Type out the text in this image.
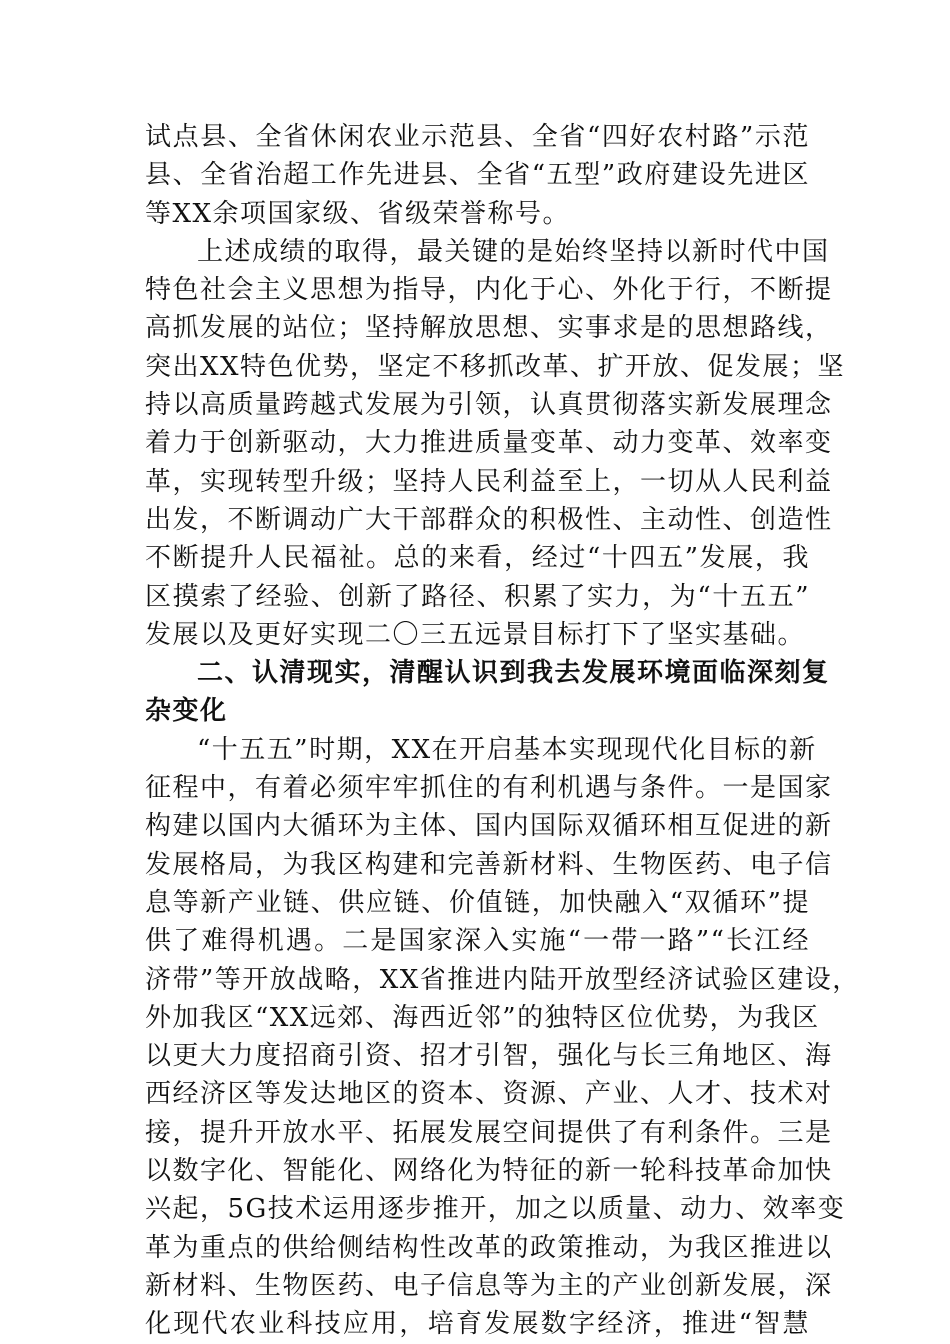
试点县、全省休闲农业示范县、全省“四好农村路”示范
县、全省治超工作先进县、全省“五型”政府建设先进区
等XX余项国家级、省级荣誉称号。
上述成绩的取得，最关键的是始终坚持以新时代中国
特色社会主义思想为指导，内化于心、外化于行，不断提
高抓发展的站位；坚持解放思想、实事求是的思想路线，
突出XX特色优势，坚定不移抓改革、扩开放、促发展；坚
持以高质量跨越式发展为引领，认真贯彻落实新发展理念
着力于创新驱动，大力推进质量变革、动力变革、效率变
革，实现转型升级；坚持人民利益至上，一切从人民利益
出发，不断调动广大干部群众的积极性、主动性、创造性
不断提升人民福祉。总的来看，经过“十四五”发展，我
区摸索了经验、创新了路径、积累了实力，为“十五五”
发展以及更好实现二〇三五远景目标打下了坚实基础。
二、认清现实，清醒认识到我去发展环境面临深刻复
杂变化
“十五五”时期，XX在开启基本实现现代化目标的新
征程中，有着必须牢牢抓住的有利机遇与条件。一是国家
构建以国内大循环为主体、国内国际双循环相互促进的新
发展格局，为我区构建和完善新材料、生物医药、电子信
息等新产业链、供应链、价值链，加快融入“双循环”提
供了难得机遇。二是国家深入实施“一带一路”“长江经
济带”等开放战略，XX省推进内陆开放型经济试验区建设，
外加我区“XX远郊、海西近邻”的独特区位优势，为我区
以更大力度招商引资、招才引智，强化与长三角地区、海
西经济区等发达地区的资本、资源、产业、人才、技术对
接，提升开放水平、拓展发展空间提供了有利条件。三是
以数字化、智能化、网络化为特征的新一轮科技革命加快
兴起，5G技术运用逐步推开，加之以质量、动力、效率变
革为重点的供给侧结构性改革的政策推动，为我区推进以
新材料、生物医药、电子信息等为主的产业创新发展，深
化现代农业科技应用，培育发展数字经济，推进“智慧
